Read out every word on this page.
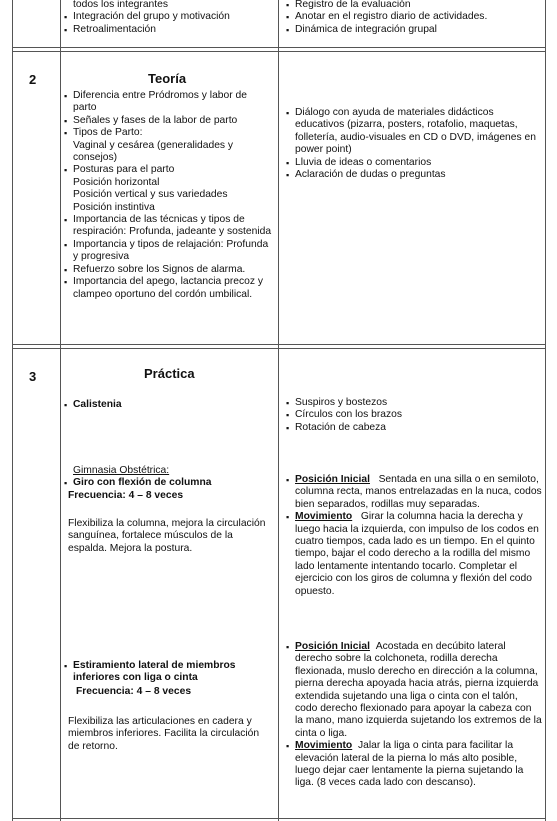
todos los integrantes
▪ Integración del grupo y motivación
▪ Retroalimentación
▪ Registro de la evaluación
▪ Anotar en el registro diario de actividades.
▪ Dinámica de integración grupal
2	Teoría
▪ Diferencia entre Pródromos y labor de parto
▪ Señales y fases de la labor de parto
▪ Tipos de Parto:
Vaginal y cesárea (generalidades y consejos)
▪ Posturas para el parto
Posición horizontal
Posición vertical y sus variedades
Posición instintiva
▪ Importancia de las técnicas y tipos de respiración: Profunda, jadeante y sostenida
▪ Importancia y tipos de relajación: Profunda y progresiva
▪ Refuerzo sobre los Signos de alarma.
▪ Importancia del apego, lactancia precoz y clampeo oportuno del cordón umbilical.
▪ Diálogo con ayuda de materiales didácticos educativos (pizarra, posters, rotafolio, maquetas, folletería, audio-visuales en CD o DVD, imágenes en power point)
▪ Lluvia de ideas o comentarios
▪ Aclaración de dudas o preguntas
3	Práctica
▪ Calistenia
▪	Suspiros y bostezos
▪ Círculos con los brazos
▪ Rotación de cabeza
Gimnasia Obstétrica:
▪ Giro con flexión de columna
Frecuencia: 4 – 8 veces
Flexibiliza la columna, mejora la circulación sanguínea, fortalece músculos de la espalda. Mejora la postura.
▪ Posición Inicial Sentada en una silla o en semiloto, columna recta, manos entrelazadas en la nuca, codos bien separados, rodillas muy separadas.
▪ Movimiento Girar la columna hacia la derecha y luego hacia la izquierda, con impulso de los codos en cuatro tiempos, cada lado es un tiempo. En el quinto tiempo, bajar el codo derecho a la rodilla del mismo lado lentamente intentando tocarlo. Completar el ejercicio con los giros de columna y flexión del codo opuesto.
▪ Estiramiento lateral de miembros inferiores con liga o cinta
Frecuencia: 4 – 8 veces
Flexibiliza las articulaciones en cadera y miembros inferiores. Facilita la circulación de retorno.
▪ Posición Inicial Acostada en decúbito lateral derecho sobre la colchoneta, rodilla derecha flexionada, muslo derecho en dirección a la columna, pierna derecha apoyada hacia atrás, pierna izquierda extendida sujetando una liga o cinta con el talón, codo derecho flexionado para apoyar la cabeza con la mano, mano izquierda sujetando los extremos de la cinta o liga.
▪ Movimiento Jalar la liga o cinta para facilitar la elevación lateral de la pierna lo más alto posible, luego dejar caer lentamente la pierna sujetando la liga. (8 veces cada lado con descanso).
